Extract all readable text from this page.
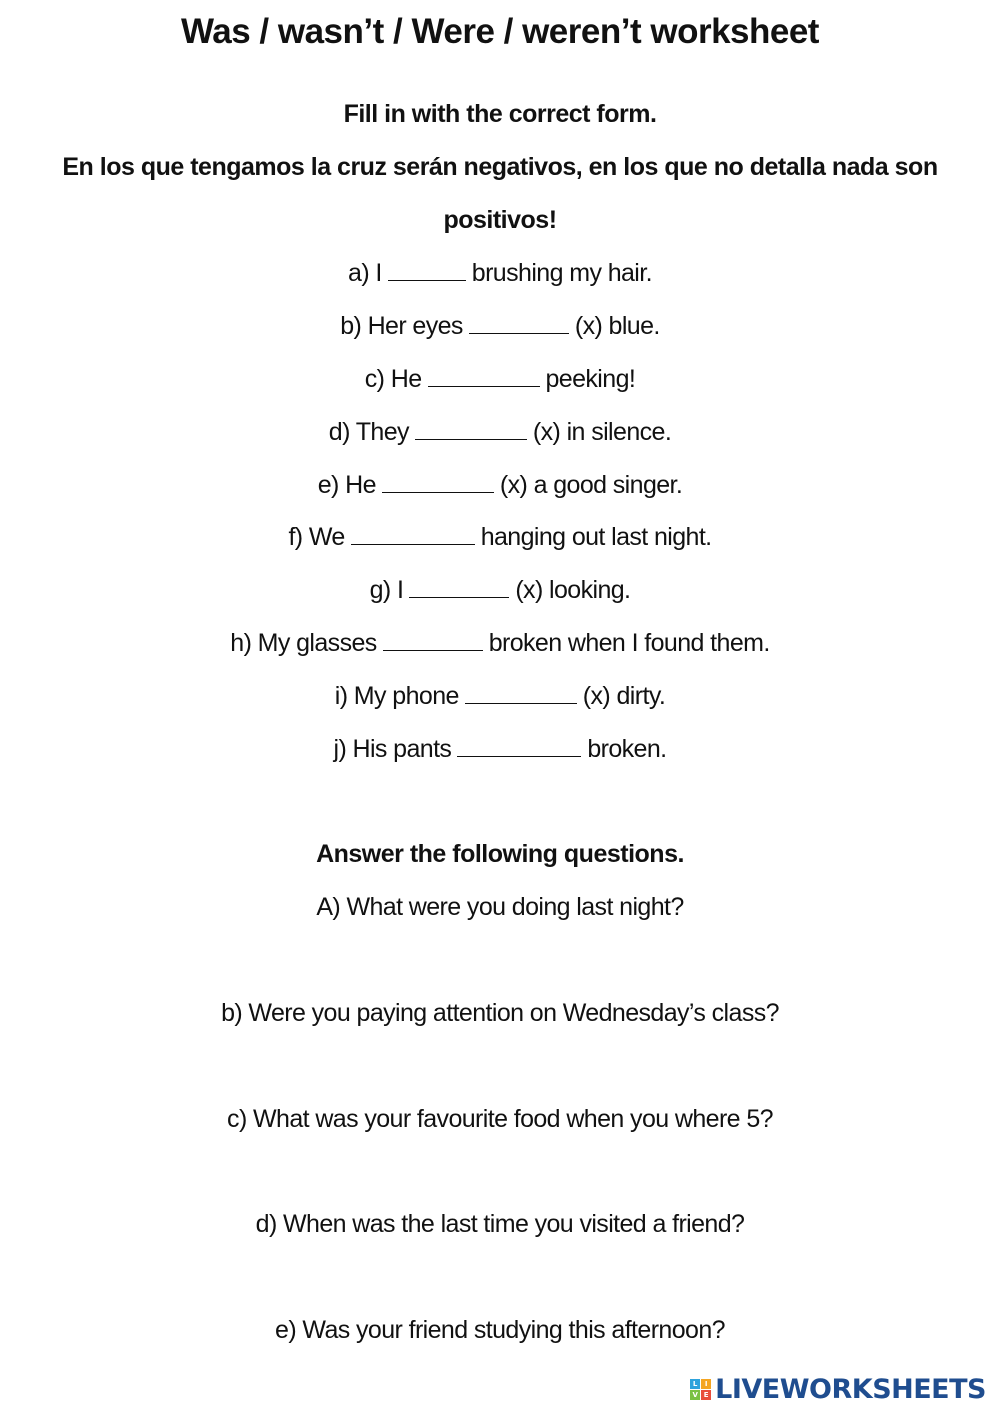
Was / wasn’t / Were / weren’t worksheet
Fill in with the correct form.
En los que tengamos la cruz serán negativos, en los que no detalla nada son
positivos!
a) I	brushing my hair.
b) Her eyes	(x) blue.
c) He	peeking!
d) They	(x) in silence.
e) He	(x) a good singer.
f) We	hanging out last night.
g) I	(x) looking.
h) My glasses	broken when I found them.
i) My phone	(x) dirty.
j) His pants	broken.
Answer the following questions.
A) What were you doing last night?
b) Were you paying attention on Wednesday’s class?
c) What was your favourite food when you where 5?
d) When was the last time you visited a friend?
e) Was your friend studying this afternoon?
L	I
V E LIVEWORKSHEETS
